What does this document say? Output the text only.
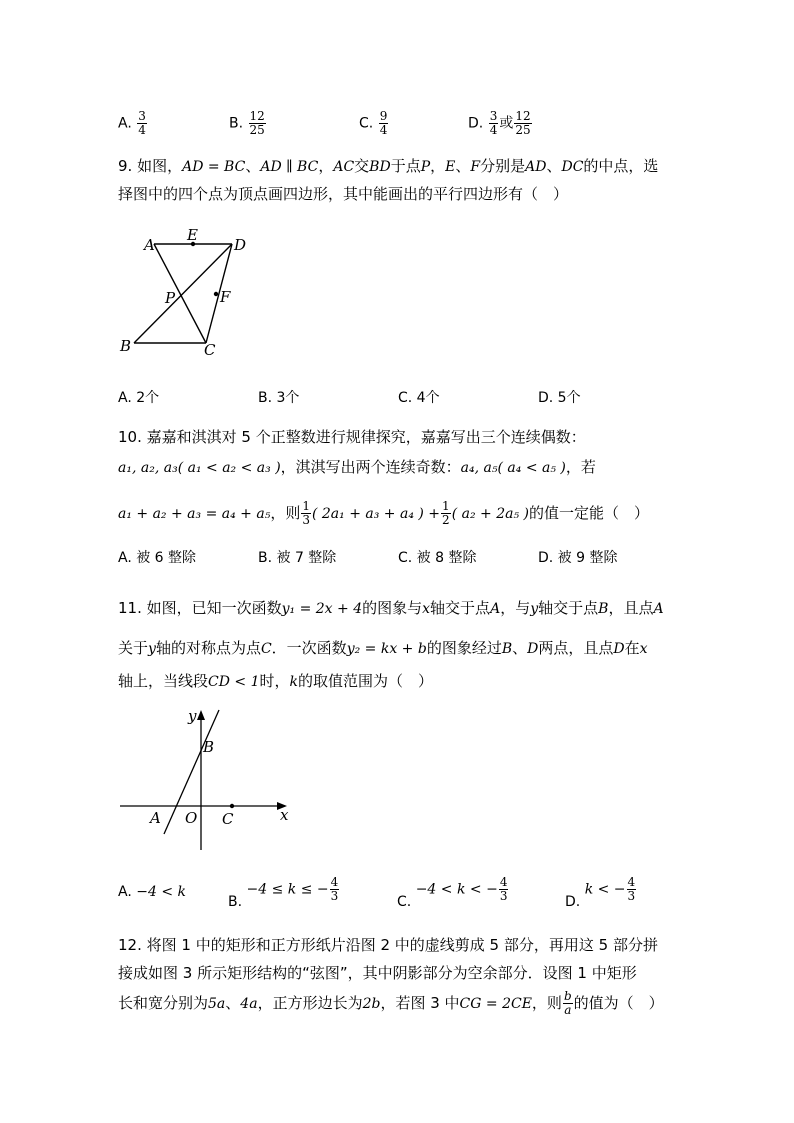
A. $\frac{3}{4}$	B. $\frac{12}{25}$	C. $\frac{9}{4}$	D. $\frac{3}{4}$ 或 $\frac{12}{25}$
9. 如图，AD = BC、AD ∥ BC，AC交BD于点P，E、F分别是AD、DC的中点，选
择图中的四个点为顶点画四边形，其中能画出的平行四边形有（　）
A
E
D
P	F
B	C
A. 2个	B. 3个	C. 4个	D. 5个
10. 嘉嘉和淇淇对 5 个正整数进行规律探究，嘉嘉写出三个连续偶数：
a₁, a₂, a₃( a₁ < a₂ < a₃ )，淇淇写出两个连续奇数：a₄, a₅( a₄ < a₅ )，若
a₁ + a₂ + a₃ = a₄ + a₅，则 $\frac{1}{3}$ ( 2a₁ + a₃ + a₄ ) + $\frac{1}{2}$ ( a₂ + 2a₅ )的值一定能（　）
A. 被 6 整除	B. 被 7 整除	C. 被 8 整除	D. 被 9 整除
11. 如图，已知一次函数y₁ = 2x + 4的图象与x轴交于点A，与y轴交于点B，且点A
关于y轴的对称点为点C．一次函数y₂ = kx + b的图象经过B、D两点，且点D在x
轴上，当线段CD < 1时，k的取值范围为（　）
y
B
A O C	x
A. −4 < k
B. −4 ≤ k ≤ − $\frac{4}{3}$	C. −4 < k < − $\frac{4}{3}$	D. k < − $\frac{4}{3}$
12. 将图 1 中的矩形和正方形纸片沿图 2 中的虚线剪成 5 部分，再用这 5 部分拼
接成如图 3 所示矩形结构的“弦图”，其中阴影部分为空余部分．设图 1 中矩形
长和宽分别为5a、4a，正方形边长为2b，若图 3 中CG = 2CE，则 $\frac{b}{a}$ 的值为（　）
